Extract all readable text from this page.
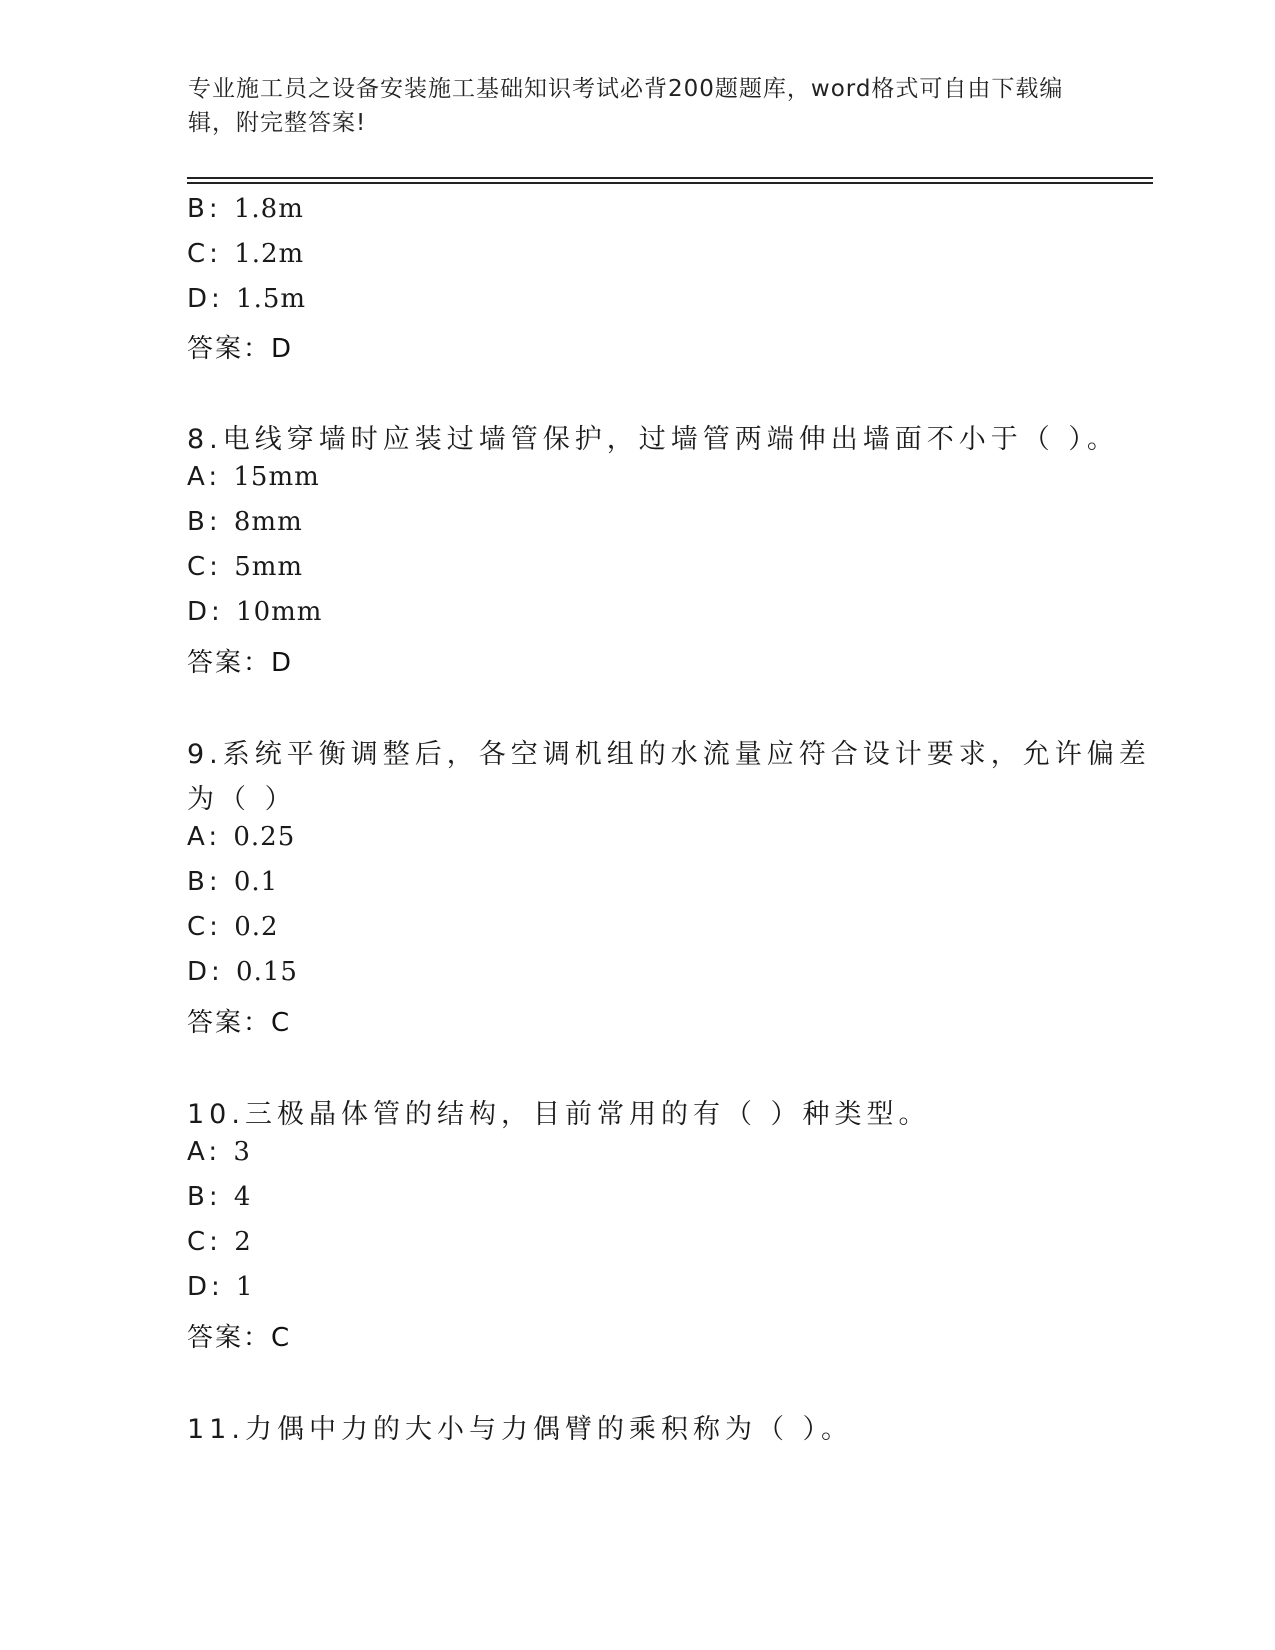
专业施工员之设备安装施工基础知识考试必背200题题库，word格式可自由下载编辑，附完整答案!
B: 1.8m
C: 1.2m
D: 1.5m
答案：D
8.电线穿墙时应装过墙管保护，过墙管两端伸出墙面不小于（ ）。
A: 15mm
B: 8mm
C: 5mm
D: 10mm
答案：D
9.系统平衡调整后，各空调机组的水流量应符合设计要求，允许偏差
为（ ）
A: 0.25
B: 0.1
C: 0.2
D: 0.15
答案：C
10.三极晶体管的结构，目前常用的有（ ）种类型。
A: 3
B: 4
C: 2
D: 1
答案：C
11.力偶中力的大小与力偶臂的乘积称为（ ）。
